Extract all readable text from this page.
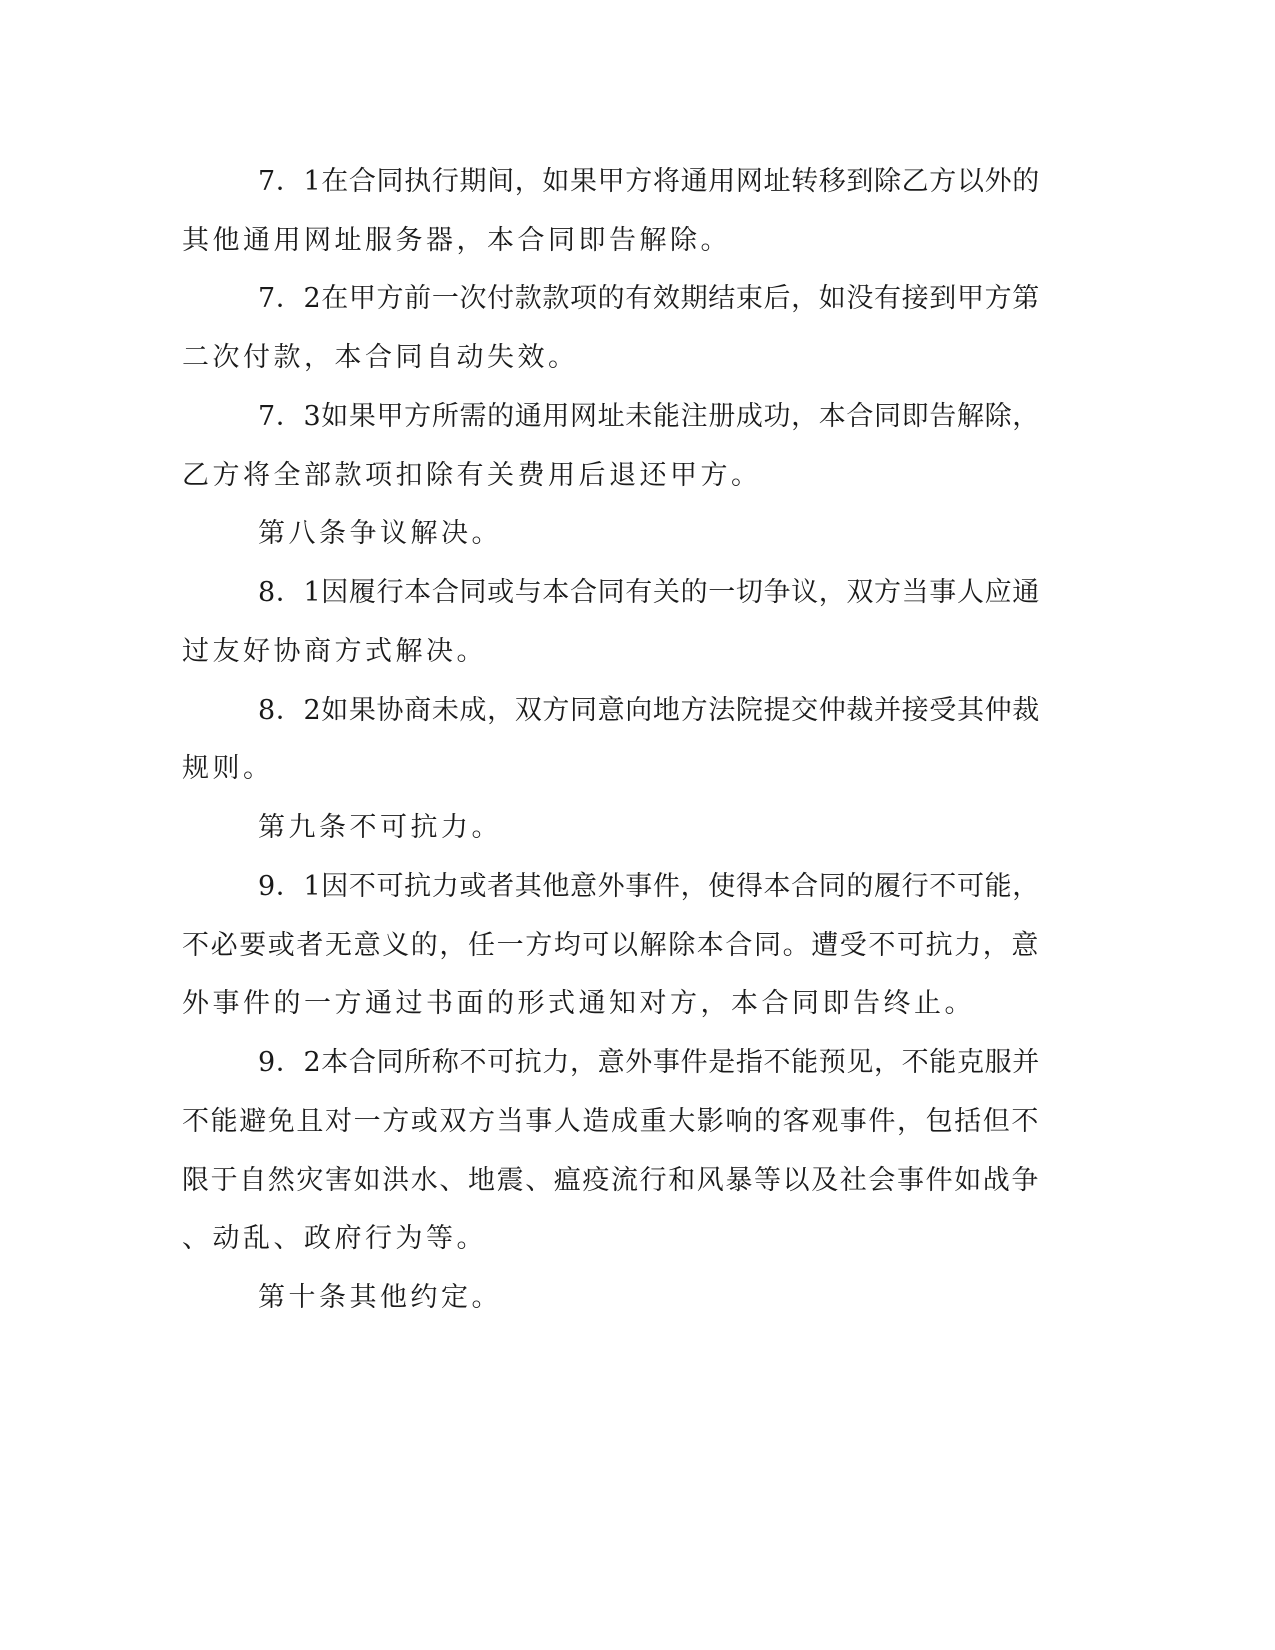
7．1在合同执行期间，如果甲方将通用网址转移到除乙方以外的
其他通用网址服务器，本合同即告解除。
7．2在甲方前一次付款款项的有效期结束后，如没有接到甲方第
二次付款，本合同自动失效。
7．3如果甲方所需的通用网址未能注册成功，本合同即告解除，
乙方将全部款项扣除有关费用后退还甲方。
第八条争议解决。
8．1因履行本合同或与本合同有关的一切争议，双方当事人应通
过友好协商方式解决。
8．2如果协商未成，双方同意向地方法院提交仲裁并接受其仲裁
规则。
第九条不可抗力。
9．1因不可抗力或者其他意外事件，使得本合同的履行不可能，
不必要或者无意义的，任一方均可以解除本合同。遭受不可抗力，意
外事件的一方通过书面的形式通知对方，本合同即告终止。
9．2本合同所称不可抗力，意外事件是指不能预见，不能克服并
不能避免且对一方或双方当事人造成重大影响的客观事件，包括但不
限于自然灾害如洪水、地震、瘟疫流行和风暴等以及社会事件如战争
、动乱、政府行为等。
第十条其他约定。
